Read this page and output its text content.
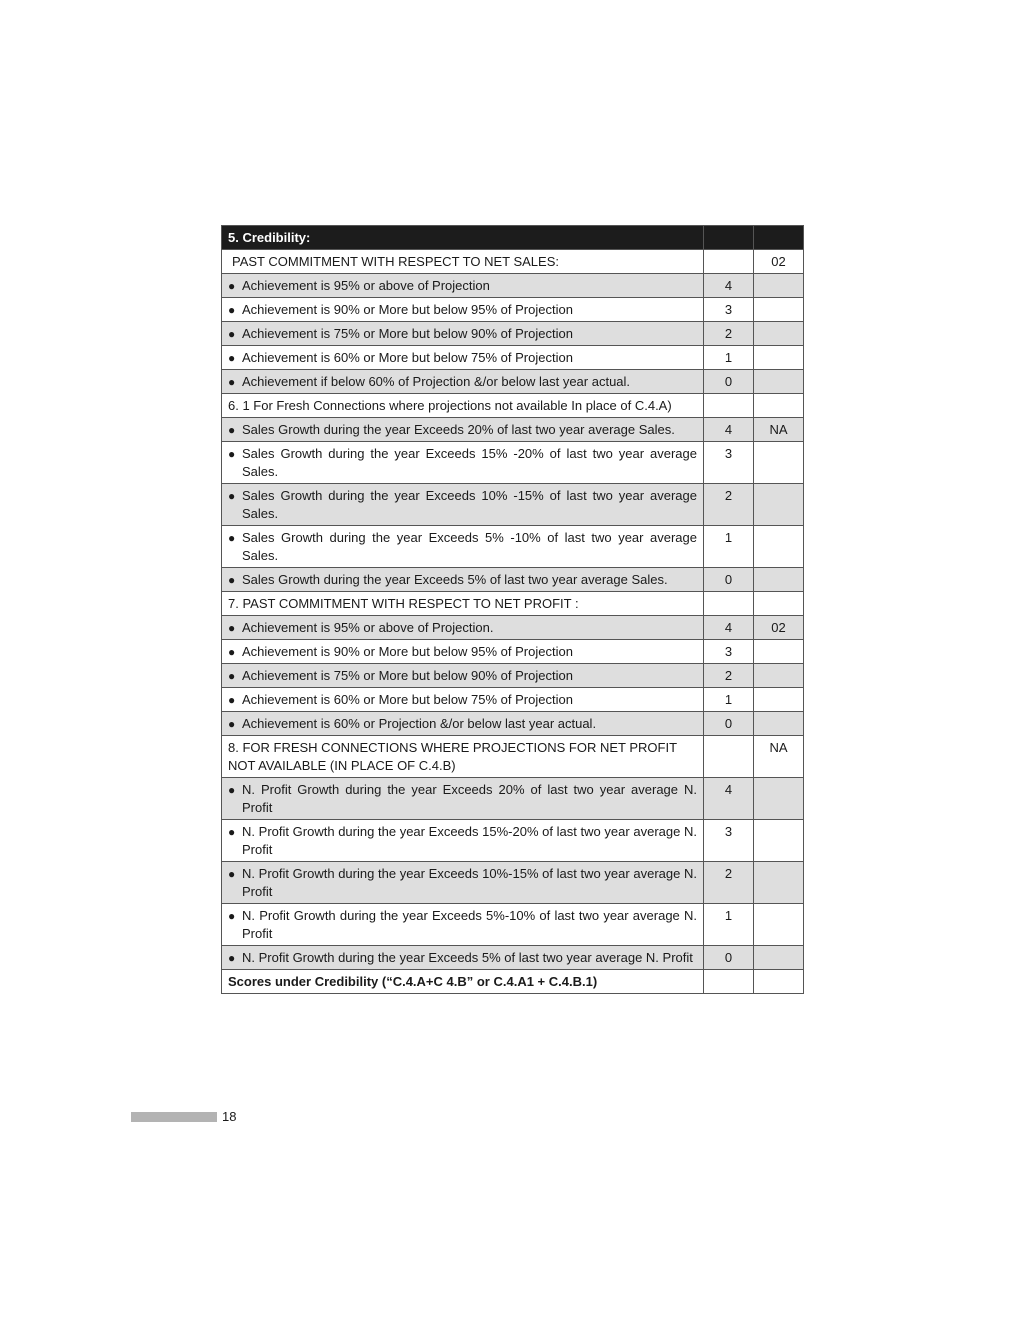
5. Credibility:		
PAST COMMITMENT WITH RESPECT TO NET SALES:		02

● Achievement is 95% or above of Projection	4	

● Achievement is 90% or More but below 95% of Projection	3	

● Achievement is 75% or More but below 90% of Projection	2	

● Achievement is 60% or More but below 75% of Projection	1	

● Achievement if below 60% of Projection &/or below last year actual.	0	
6. 1 For Fresh Connections where projections not available In place of C.4.A)		

● Sales Growth during the year Exceeds 20% of last two year average Sales.	4	NA

● Sales Growth during the year Exceeds 15% -20% of last two year average Sales.	3	

● Sales Growth during the year Exceeds 10% -15% of last two year average Sales.	2	

● Sales Growth during the year Exceeds 5% -10% of last two year average Sales.	1	

● Sales Growth during the year Exceeds 5% of last two year average Sales.	0	
7. PAST COMMITMENT WITH RESPECT TO NET PROFIT :		

● Achievement is 95% or above of Projection.	4	02

● Achievement is 90% or More but below 95% of Projection	3	

● Achievement is 75% or More but below 90% of Projection	2	

● Achievement is 60% or More but below 75% of Projection	1	

● Achievement is 60% or Projection &/or below last year actual.	0	
8. FOR FRESH CONNECTIONS WHERE PROJECTIONS FOR NET PROFIT NOT AVAILABLE (IN PLACE OF C.4.B)		NA

● N. Profit Growth during the year Exceeds 20% of last two year average N. Profit	4	

● N. Profit Growth during the year Exceeds 15%-20% of last two year average N. Profit	3	

● N. Profit Growth during the year Exceeds 10%-15% of last two year average N. Profit	2	

● N. Profit Growth during the year Exceeds 5%-10% of last two year average N. Profit	1	

● N. Profit Growth during the year Exceeds 5% of last two year average N. Profit	0	
Scores under Credibility (“C.4.A+C 4.B” or C.4.A1 + C.4.B.1)		
18
